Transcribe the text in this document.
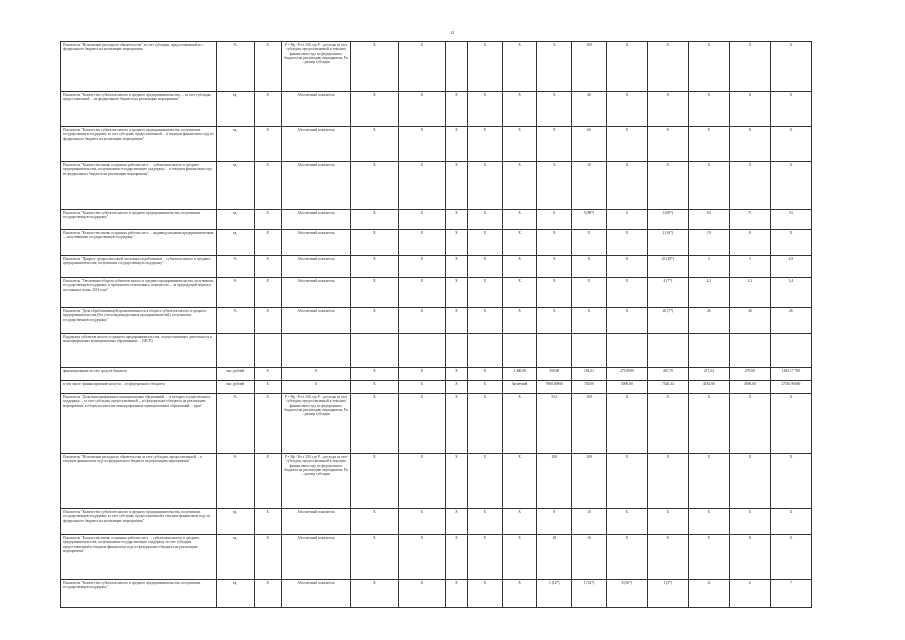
21
Показатель "Исполнение расходного обязательства" за счет субсидии, предоставляемой из ... федерального бюджета на реализацию мероприятия	%	X	Р = Рф / Рп х 100, где Р – расходы за счет субсидии, предоставляемой в текущем финансовом году из федерального бюджета на реализацию мероприятия, Рп – размер субсидии	X	X		X	X	X	100	X	X	X	X	X
Показатель "Количество субъектов малого и среднего предпринимательства, ... за счет субсидии, предоставленной ... из федерального бюджета на реализацию мероприятия"	ед.	X	Абсолютный показатель	X	X	X	X	X	X	46	X	X	X	X	X
Показатель "Количество субъектов малого и среднего предпринимательства, получивших государственную поддержку за счет субсидии, предоставленной ... в текущем финансовом году из федерального бюджета на реализацию мероприятия"	ед.	X	Абсолютный показатель	X	X	X	X	X	X	60	X	X	X	X	X
Показатель "Количество вновь созданных рабочих мест ... субъектами малого и среднего предпринимательства, получившими государственную поддержку ... в текущем финансовом году из федерального бюджета на реализацию мероприятия"	ед.	X	Абсолютный показатель	X	X	X	X	X	X	10	X	X	X	X	X
Показатель "Количество субъектов малого и среднего предпринимательства, получивших государственную поддержку"	ед.	X	Абсолютный показатель	X	X	X	X	X	0	5 (88*)	6	3 (69*)	63	71	53
Показатель "Количество вновь созданных рабочих мест ... индивидуальными предпринимателями ... получившими государственную поддержку"	ед.	X	Абсолютный показатель	X	X	X	X	X	X	X	X	2 (16*)	19	8	X
Показатель "Прирост среднесписочной численности работников ... субъектов малого и среднего предпринимательства, получивших государственную поддержку"	%	X	Абсолютный показатель	X	X	X	X	X	X	X	X	25 (38*)	3	3	2,8
Показатель "Увеличение оборота субъектов малого и среднего предпринимательства, получивших государственную поддержку, в процентном отношении к показателю ... за предыдущий период в постоянных ценах 2014 года"	%	X	Абсолютный показатель	X	X	X	X	X	X	X	X	4 (7*)	4,2	2,3	3,4
Показатель "Доля обрабатывающей промышленности в обороте субъектов малого и среднего предпринимательства (без учета индивидуальных предпринимателей), получивших государственную поддержку"	%	X	Абсолютный показатель	X	X	X	X	X	X	X	X	26 (7*)	26	26	26
Поддержка субъектов малого и среднего предпринимательства, осуществляющих деятельность в монопрофильных муниципальных образованиях ... (МСП)															
финансирование за счет средств бюджета	тыс. рублей	X	X	X	X	X	X	3 400,00	290,00	181,21	273,9900	467,70	217,24	279,00	1823,17 790
в том числе: финансирование на цели ... из федерального бюджета	тыс. рублей	X	X	X	X	X	X	Засчетной	7800,00000	750,00	3000,00	7526,34	4182,90	4500,00	27581,90000
Показатель "Доля монопрофильных муниципальных образований, ... в которых осуществлялась поддержка ... за счет субсидии, предоставленной ... из федерального бюджета на реализацию мероприятия, в общем количестве монопрофильных муниципальных образований ... края"	%	X	Р = Рф / Рп х 100, где Р – расходы за счет субсидии, предоставленной в текущем финансовом году из федерального бюджета на реализацию мероприятия, Рп – размер субсидии	X	X	X	X	X	33,3	100	X	X	X	X	X
Показатель "Исполнение расходного обязательства за счет субсидии, предоставленной ... в текущем финансовом году из федерального бюджета на реализацию мероприятия"	%	X	Р = Рф / Рп х 100, где Р – расходы за счет субсидии, предоставленной в текущем финансовом году из федерального бюджета на реализацию мероприятия, Рп – размер субсидии	X	X	X	X	X	100	100	X	X	X	X	X
Показатель "Количество субъектов малого и среднего предпринимательства, получивших государственную поддержку за счет субсидии, предоставленной в текущем финансовом году из федерального бюджета на реализацию мероприятия"	ед.	X	Абсолютный показатель	X	X	X	X	X	8	10	X	X	X	X	X
Показатель "Количество вновь созданных рабочих мест ... субъектами малого и среднего предпринимательства, получившими государственную поддержку за счет субсидии, предоставленной в текущем финансовом году из федерального бюджета на реализацию мероприятия"	ед.	X	Абсолютный показатель	X	X	X	X	X	18	16	X	X	X	X	X
Показатель "Количество субъектов малого и среднего предпринимательства, получивших государственную поддержку"	ед.	X	Абсолютный показатель	X	X	X	X	X	1 (12*)	1 (32*)	8 (36*)	1 (3*)	11	6	7
